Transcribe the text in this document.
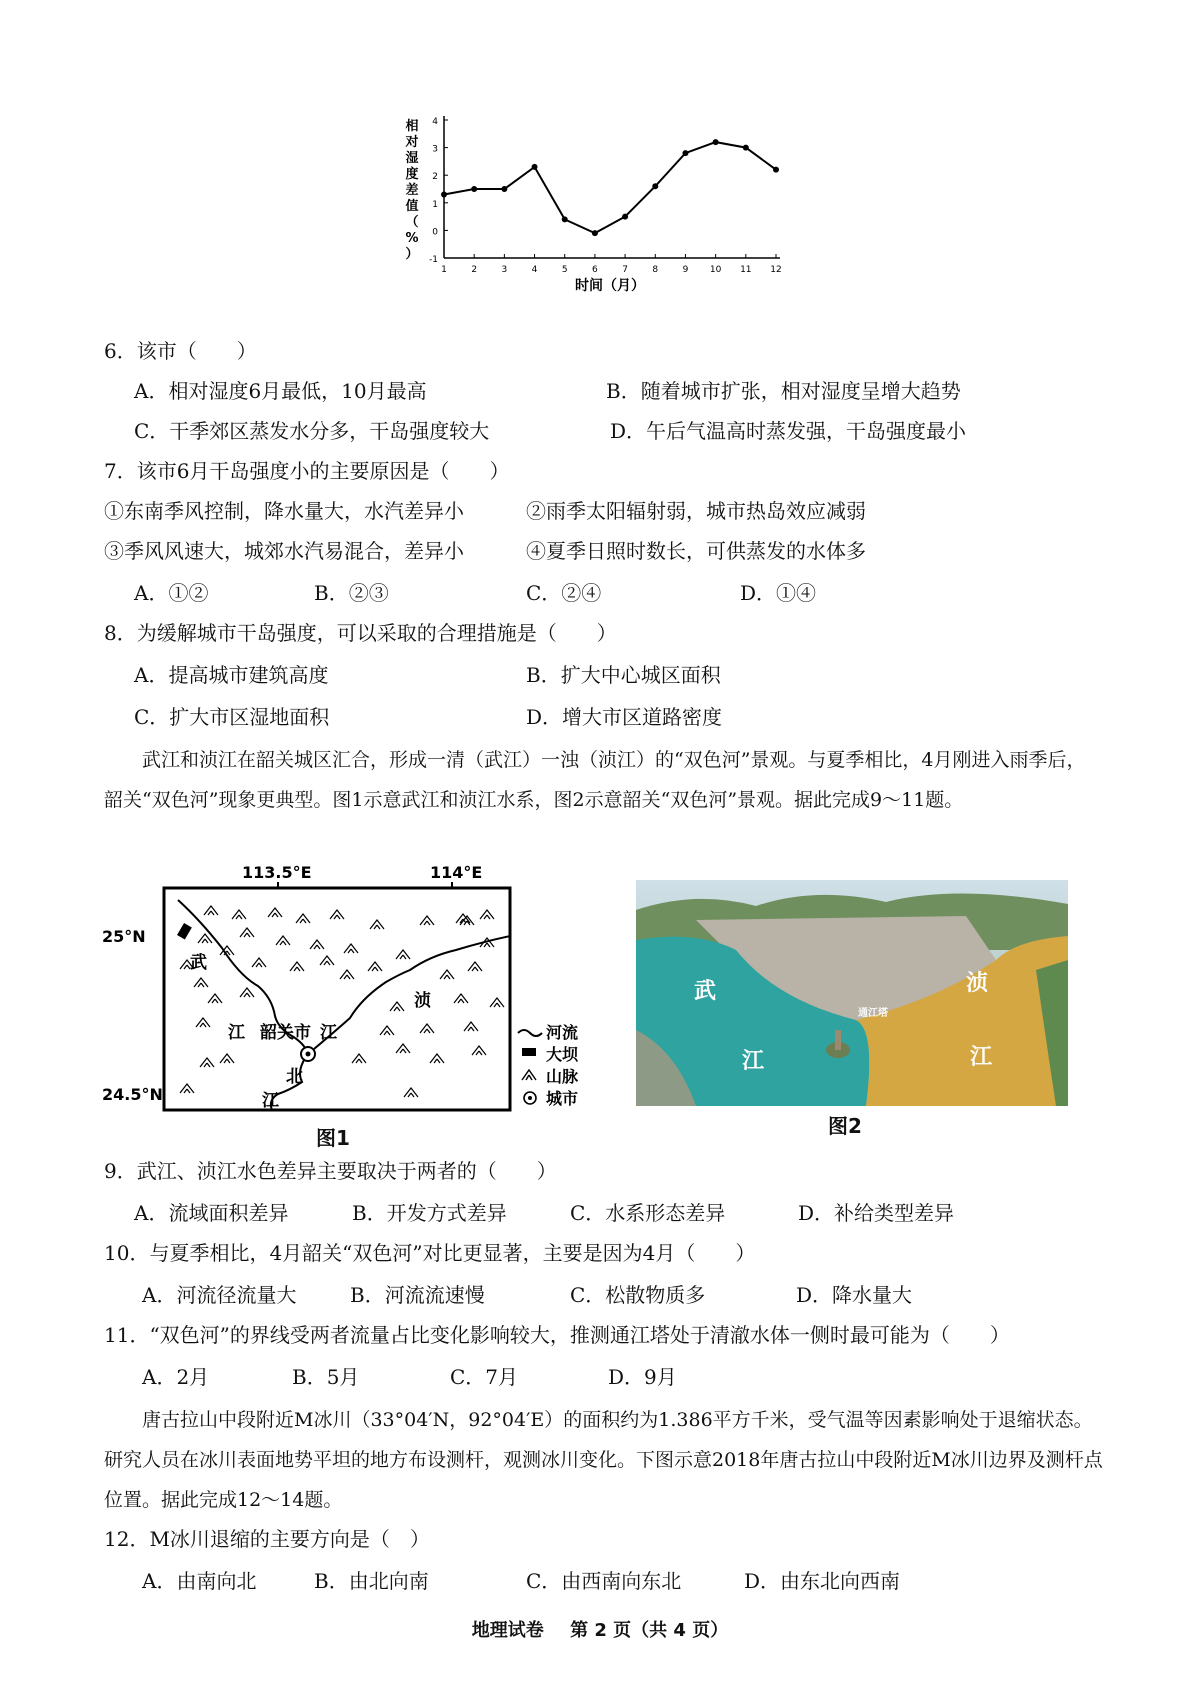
-1
0
1
2
3
4
1	2	3	4	5	6	7	8	9 10 11 12
时间（月）
相
对
湿
度
差
值
（
%
）
6．该市（　　）
A．相对湿度6月最低，10月最高	B．随着城市扩张，相对湿度呈增大趋势
C．干季郊区蒸发水分多，干岛强度较大	D．午后气温高时蒸发强，干岛强度最小
7．该市6月干岛强度小的主要原因是（　　）
①东南季风控制，降水量大，水汽差异小	②雨季太阳辐射弱，城市热岛效应减弱
③季风风速大，城郊水汽易混合，差异小	④夏季日照时数长，可供蒸发的水体多
A．①②	B．②③	C．②④	D．①④
8．为缓解城市干岛强度，可以采取的合理措施是（　　）
A．提高城市建筑高度	B．扩大中心城区面积
C．扩大市区湿地面积	D．增大市区道路密度
武江和浈江在韶关城区汇合，形成一清（武江）一浊（浈江）的“双色河”景观。与夏季相比，4月刚进入雨季后，韶关“双色河”现象更典型。图1示意武江和浈江水系，图2示意韶关“双色河”景观。据此完成9～11题。
113.5°E	114°E
25°N
24.5°N
武
江 韶关市 江
浈
北
江
河流
大坝
山脉
城市
图1
通江塔
武
江
浈
江
图2
9．武江、浈江水色差异主要取决于两者的（　　）
A．流域面积差异	B．开发方式差异	C．水系形态差异	D．补给类型差异
10．与夏季相比，4月韶关“双色河”对比更显著，主要是因为4月（　　）
A．河流径流量大	B．河流流速慢	C．松散物质多	D．降水量大
11．“双色河”的界线受两者流量占比变化影响较大，推测通江塔处于清澈水体一侧时最可能为（　　）
A．2月	B．5月	C．7月	D．9月
唐古拉山中段附近M冰川（33°04′N，92°04′E）的面积约为1.386平方千米，受气温等因素影响处于退缩状态。研究人员在冰川表面地势平坦的地方布设测杆，观测冰川变化。下图示意2018年唐古拉山中段附近M冰川边界及测杆点位置。据此完成12～14题。
12．M冰川退缩的主要方向是（　）
A．由南向北	B．由北向南	C．由西南向东北	D．由东北向西南
地理试卷 第 2 页（共 4 页）
